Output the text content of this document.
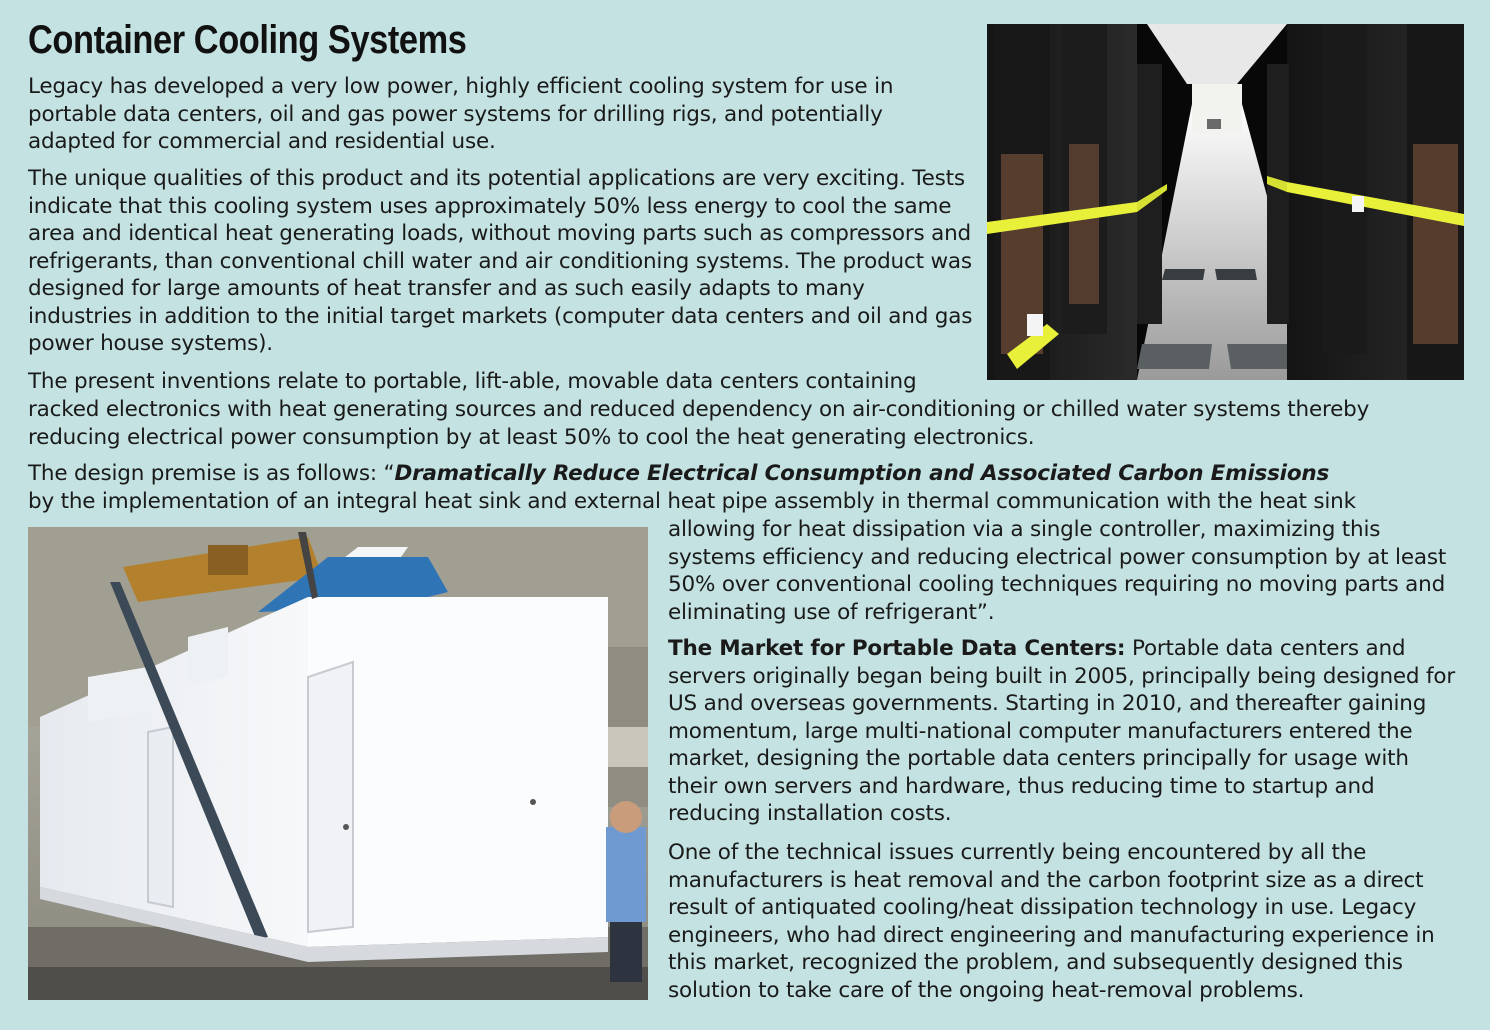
Container Cooling Systems

Legacy has developed a very low power, highly efficient cooling system for use in portable data centers, oil and gas power systems for drilling rigs, and potentially adapted for commercial and residential use.

The unique qualities of this product and its potential applications are very exciting. Tests indicate that this cooling system uses approximately 50% less energy to cool the same area and identical heat generating loads, without moving parts such as compressors and refrigerants, than conventional chill water and air conditioning systems. The product was designed for large amounts of heat transfer and as such easily adapts to many industries in addition to the initial target markets (computer data centers and oil and gas power house systems).

The present inventions relate to portable, lift-able, movable data centers containing

racked electronics with heat generating sources and reduced dependency on air-conditioning or chilled water systems thereby reducing electrical power consumption by at least 50% to cool the heat generating electronics.

The design premise is as follows: “Dramatically Reduce Electrical Consumption and Associated Carbon Emissions

by the implementation of an integral heat sink and external heat pipe assembly in thermal communication with the heat sink

allowing for heat dissipation via a single controller, maximizing this systems efficiency and reducing electrical power consumption by at least 50% over conventional cooling techniques requiring no moving parts and eliminating use of refrigerant”.

The Market for Portable Data Centers: Portable data centers and servers originally began being built in 2005, principally being designed for US and overseas governments. Starting in 2010, and thereafter gaining momentum, large multi-national computer manufacturers entered the market, designing the portable data centers principally for usage with their own servers and hardware, thus reducing time to startup and reducing installation costs.

One of the technical issues currently being encountered by all the manufacturers is heat removal and the carbon footprint size as a direct result of antiquated cooling/heat dissipation technology in use. Legacy engineers, who had direct engineering and manufacturing experience in this market, recognized the problem, and subsequently designed this solution to take care of the ongoing heat-removal problems.
